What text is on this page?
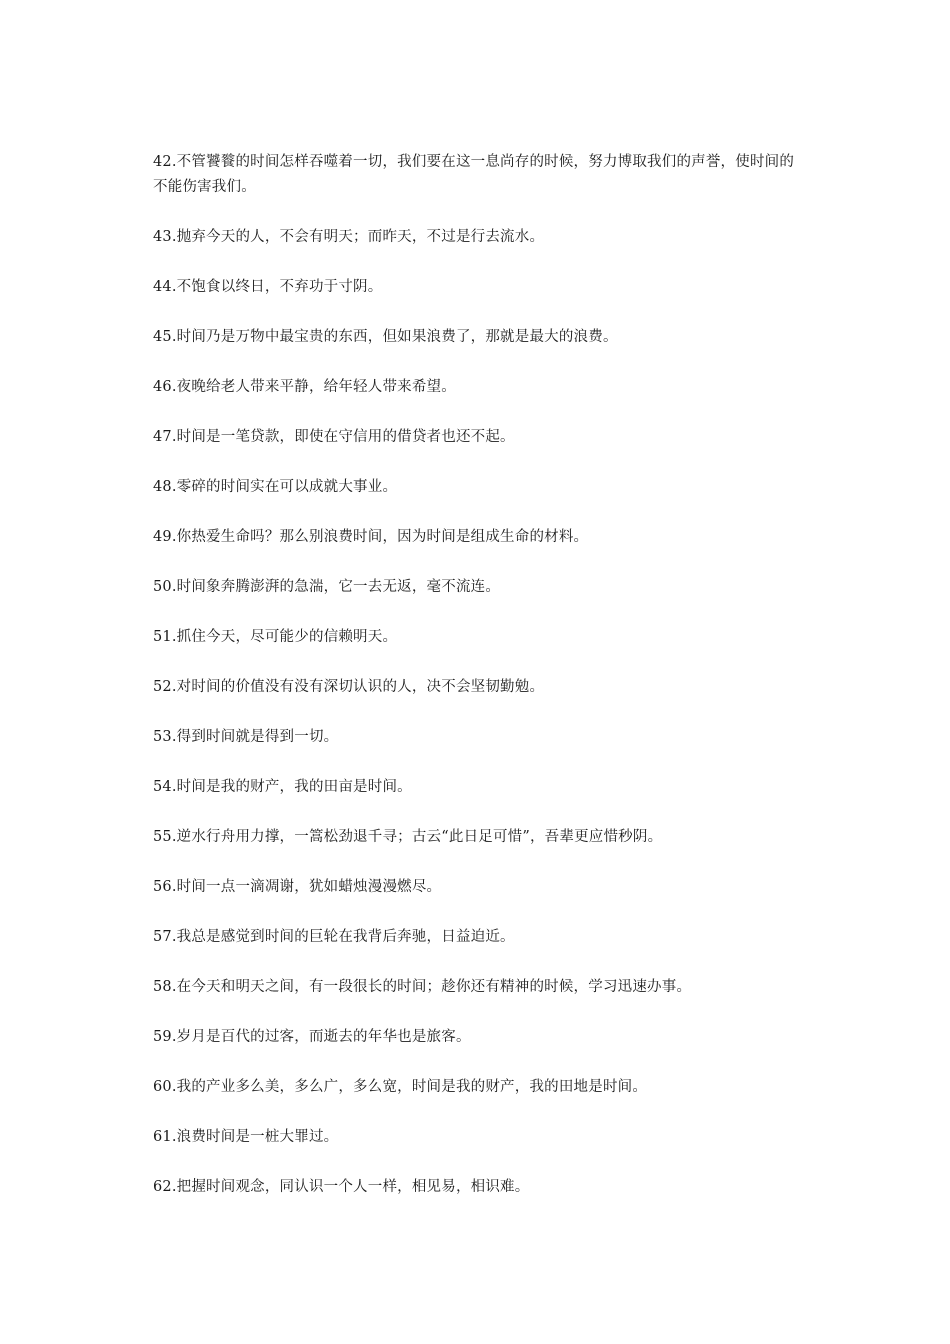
42.不管饕餮的时间怎样吞噬着一切，我们要在这一息尚存的时候，努力博取我们的声誉，使时间的不能伤害我们。
43.抛弃今天的人，不会有明天；而昨天，不过是行去流水。
44.不饱食以终日，不弃功于寸阴。
45.时间乃是万物中最宝贵的东西，但如果浪费了，那就是最大的浪费。
46.夜晚给老人带来平静，给年轻人带来希望。
47.时间是一笔贷款，即使在守信用的借贷者也还不起。
48.零碎的时间实在可以成就大事业。
49.你热爱生命吗？那么别浪费时间，因为时间是组成生命的材料。
50.时间象奔腾澎湃的急湍，它一去无返，毫不流连。
51.抓住今天，尽可能少的信赖明天。
52.对时间的价值没有没有深切认识的人，决不会坚韧勤勉。
53.得到时间就是得到一切。
54.时间是我的财产，我的田亩是时间。
55.逆水行舟用力撑，一篙松劲退千寻；古云“此日足可惜”，吾辈更应惜秒阴。
56.时间一点一滴凋谢，犹如蜡烛漫漫燃尽。
57.我总是感觉到时间的巨轮在我背后奔驰，日益迫近。
58.在今天和明天之间，有一段很长的时间；趁你还有精神的时候，学习迅速办事。
59.岁月是百代的过客，而逝去的年华也是旅客。
60.我的产业多么美，多么广，多么宽，时间是我的财产，我的田地是时间。
61.浪费时间是一桩大罪过。
62.把握时间观念，同认识一个人一样，相见易，相识难。
